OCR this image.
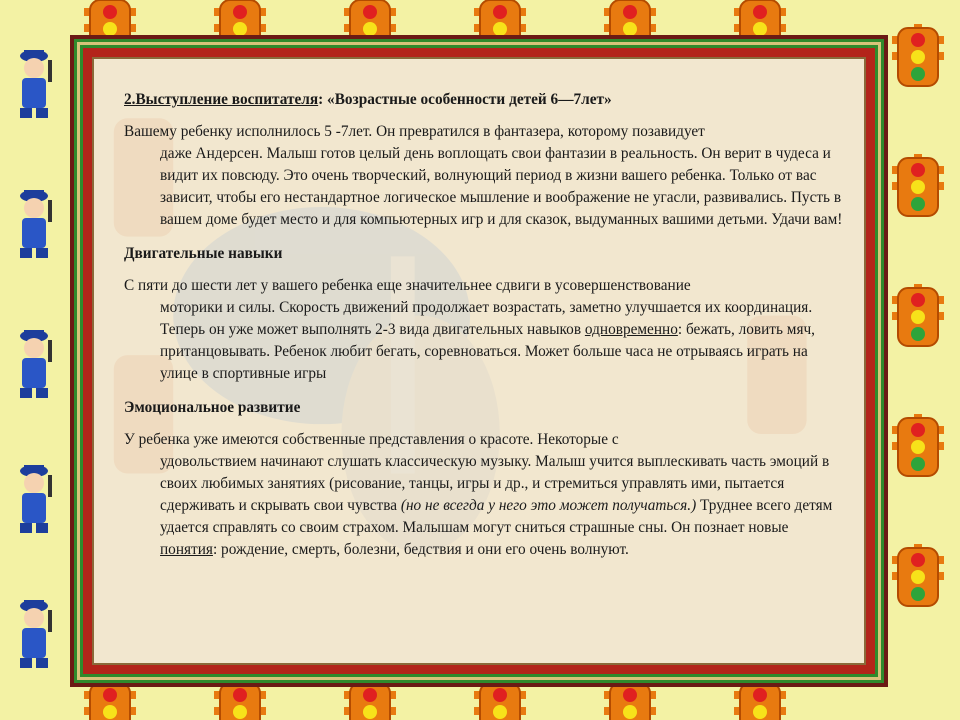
2.Выступление воспитателя: «Возрастные особенности детей 6—7лет»
Вашему ребенку исполнилось 5 -7лет. Он превратился в фантазера, которому позавидует
даже Андерсен. Малыш готов целый день воплощать свои фантазии в реальность. Он верит в чудеса и видит их повсюду. Это очень творческий, волнующий период в жизни вашего ребенка. Только от вас зависит, чтобы его нестандартное логическое мышление и воображение не угасли, развивались. Пусть в вашем доме будет место и для компьютерных игр и для сказок, выдуманных вашими детьми. Удачи вам!
Двигательные навыки
С пяти до шести лет у вашего ребенка еще значительнее сдвиги в усовершенствование
моторики и силы. Скорость движений продолжает возрастать, заметно улучшается их координация. Теперь он уже может выполнять 2-3 вида двигательных навыков одновременно: бежать, ловить мяч, пританцовывать. Ребенок любит бегать, соревноваться. Может больше часа не отрываясь играть на улице в спортивные игры
Эмоциональное развитие
У ребенка уже имеются собственные представления о красоте. Некоторые с
удовольствием начинают слушать классическую музыку. Малыш учится выплескивать часть эмоций в своих любимых занятиях (рисование, танцы, игры и др., и стремиться управлять ими, пытается сдерживать и скрывать свои чувства (но не всегда у него это может получаться.) Труднее всего детям удается справлять со своим страхом. Малышам могут сниться страшные сны. Он познает новые понятия: рождение, смерть, болезни, бедствия и они его очень волнуют.
